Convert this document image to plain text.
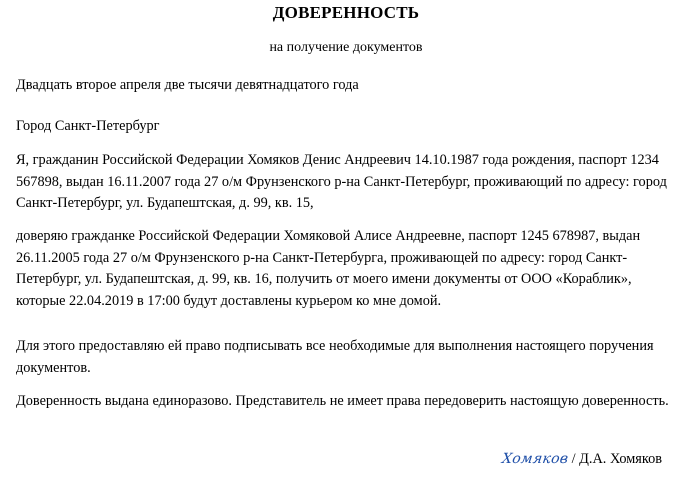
ДОВЕРЕННОСТЬ
на получение документов

Двадцать второе апреля две тысячи девятнадцатого года

Город Санкт-Петербург

Я, гражданин Российской Федерации Хомяков Денис Андреевич 14.10.1987 года рождения, паспорт 1234 567898, выдан 16.11.2007 года 27 о/м Фрунзенского р-на Санкт-Петербург, проживающий по адресу: город Санкт-Петербург, ул. Будапештская, д. 99, кв. 15,

доверяю гражданке Российской Федерации Хомяковой Алисе Андреевне, паспорт 1245 678987, выдан 26.11.2005 года 27 о/м Фрунзенского р-на Санкт-Петербурга, проживающей по адресу: город Санкт-Петербург, ул. Будапештская, д. 99, кв. 16, получить от моего имени документы от ООО «Кораблик», которые 22.04.2019 в 17:00 будут доставлены курьером ко мне домой.

Для этого предоставляю ей право подписывать все необходимые для выполнения настоящего поручения документов.

Доверенность выдана единоразово. Представитель не имеет права передоверить настоящую доверенность.

Хомяков / Д.А. Хомяков
